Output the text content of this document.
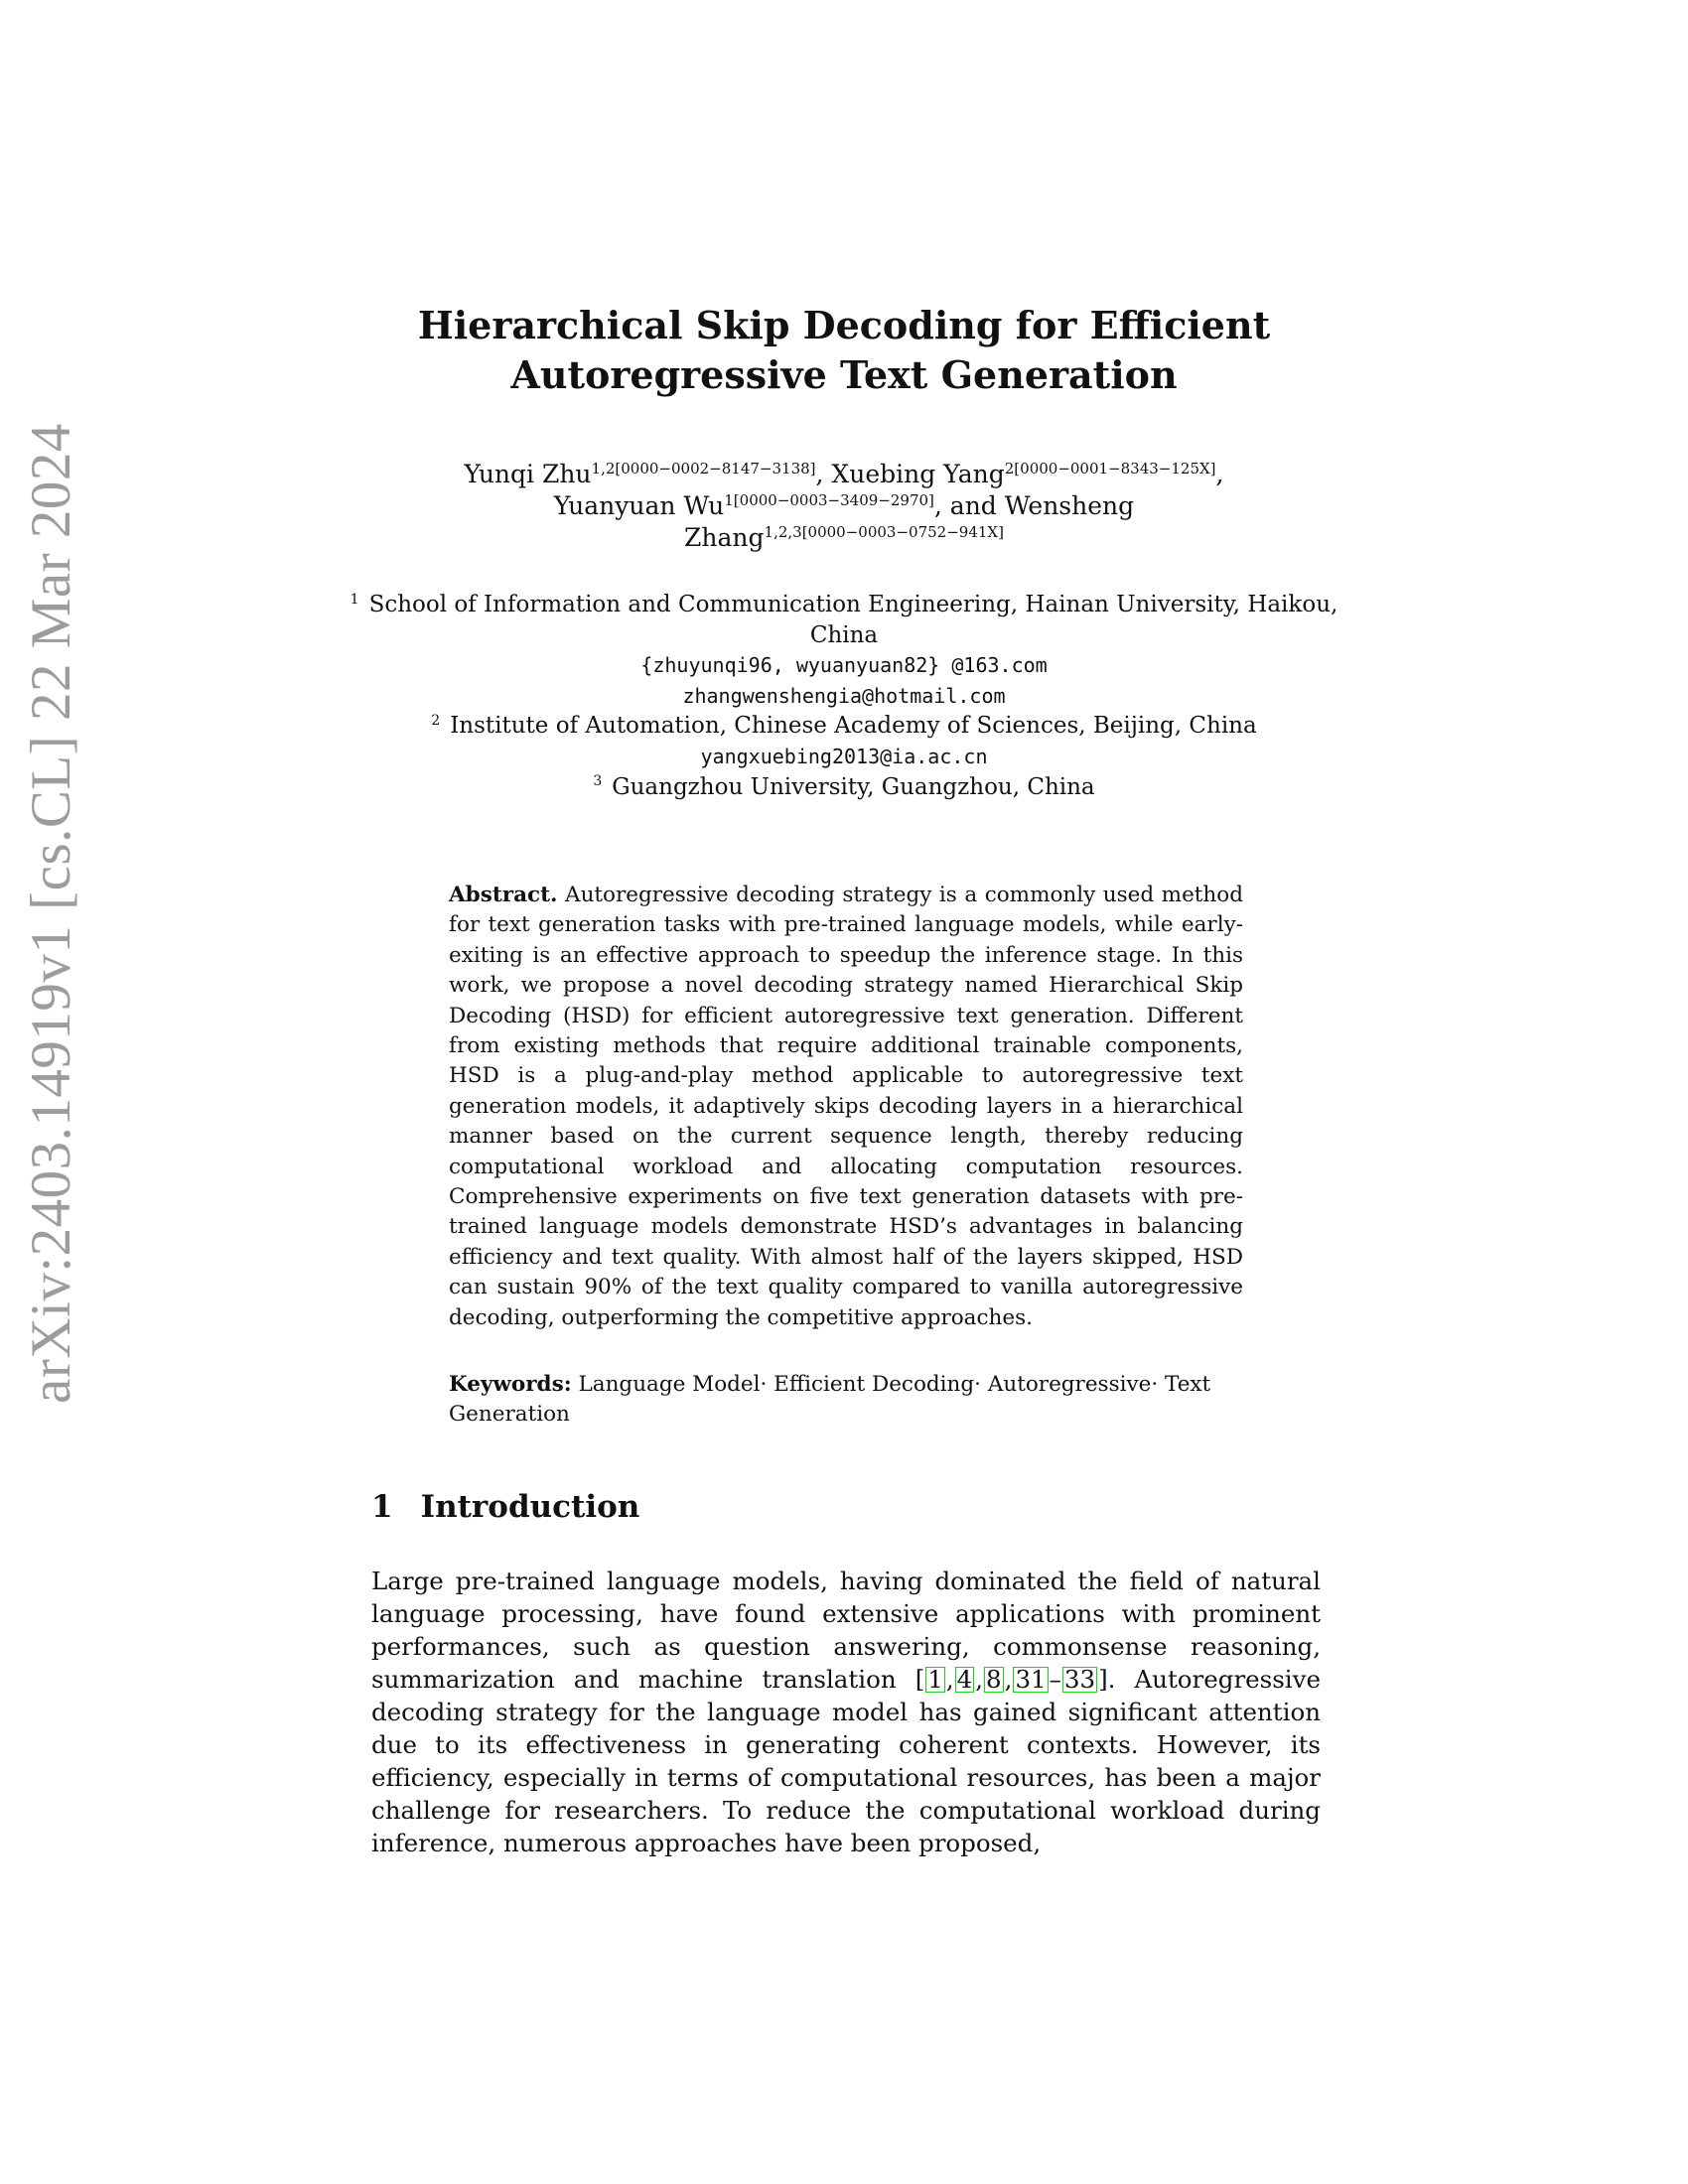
arXiv:2403.14919v1 [cs.CL] 22 Mar 2024
Hierarchical Skip Decoding for Efficient
Autoregressive Text Generation
Yunqi Zhu$^{1,2[0000-0002-8147-3138]}$, Xuebing Yang$^{2[0000-0001-8343-125X]}$,
Yuanyuan $Wu^{1[0000-0003-3409-2970]}$, and Wensheng
Zhang$^{1,2,3[0000-0003-0752-941X]}$
$^1$ School of Information and Communication Engineering, Hainan University, Haikou,
China
{zhuyunqi96, wyuanyuan82} @163.com
zhangwenshengia@hotmail.com
$^2$ Institute of Automation, Chinese Academy of Sciences, Beijing, China
yangxuebing2013@ia.ac.cn
$^3$ Guangzhou University, Guangzhou, China
Abstract. Autoregressive decoding strategy is a commonly used method for text generation tasks with pre-trained language models, while early-exiting is an effective approach to speedup the inference stage. In this work, we propose a novel decoding strategy named Hierarchical Skip Decoding (HSD) for efficient autoregressive text generation. Different from existing methods that require additional trainable components, HSD is a plug-and-play method applicable to autoregressive text generation models, it adaptively skips decoding layers in a hierarchical manner based on the current sequence length, thereby reducing computational workload and allocating computation resources. Comprehensive experiments on five text generation datasets with pre-trained language models demonstrate HSD’s advantages in balancing efficiency and text quality. With almost half of the layers skipped, HSD can sustain 90% of the text quality compared to vanilla autoregressive decoding, outperforming the competitive approaches.
Keywords: Language Model· Efficient Decoding· Autoregressive· Text Generation
1 Introduction
Large pre-trained language models, having dominated the field of natural language processing, have found extensive applications with prominent performances, such as question answering, commonsense reasoning, summarization and machine translation [ 1 , 4 , 8 , 31 – 33 ]. Autoregressive decoding strategy for the language model has gained significant attention due to its effectiveness in generating coherent contexts. However, its efficiency, especially in terms of computational resources, has been a major challenge for researchers. To reduce the computational workload during inference, numerous approaches have been proposed,
